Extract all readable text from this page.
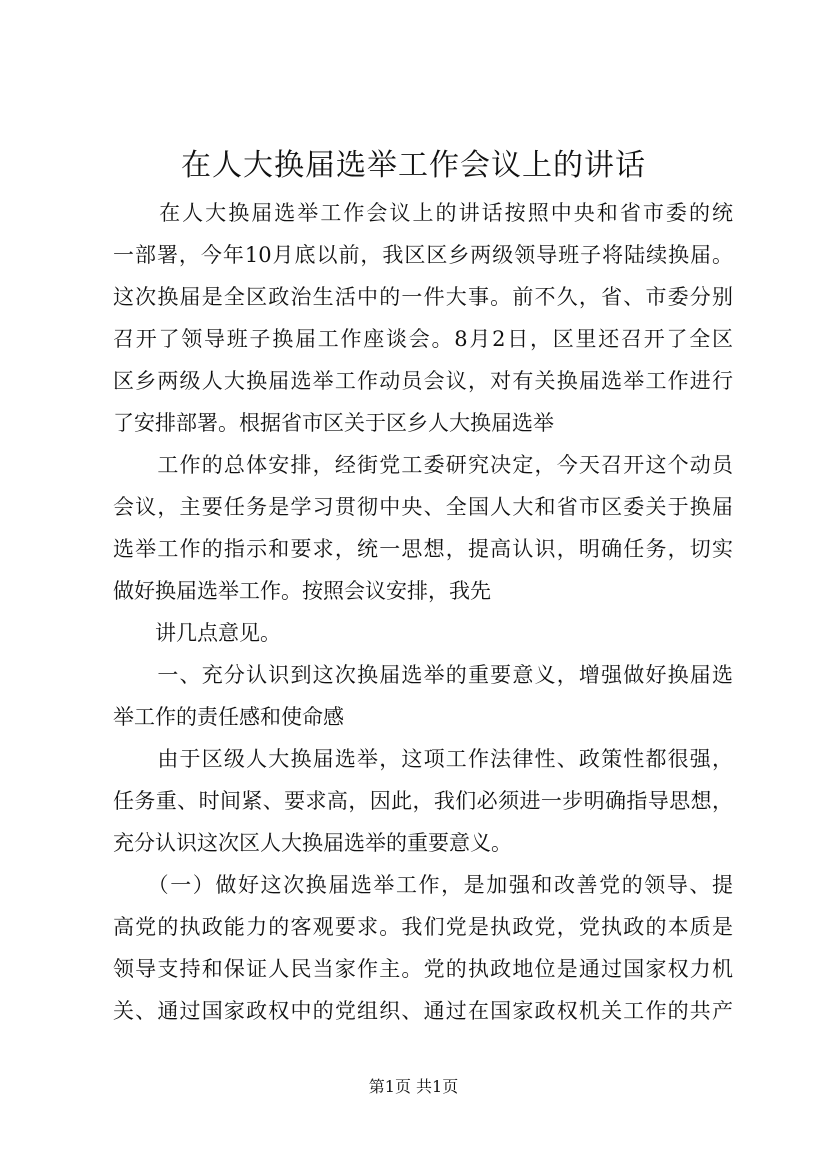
在人大换届选举工作会议上的讲话

　　在人大换届选举工作会议上的讲话按照中央和省市委的统

一部署，今年10月底以前，我区区乡两级领导班子将陆续换届。

这次换届是全区政治生活中的一件大事。前不久，省、市委分别

召开了领导班子换届工作座谈会。8月2日，区里还召开了全区

区乡两级人大换届选举工作动员会议，对有关换届选举工作进行

了安排部署。根据省市区关于区乡人大换届选举

　　工作的总体安排，经街党工委研究决定，今天召开这个动员

会议，主要任务是学习贯彻中央、全国人大和省市区委关于换届

选举工作的指示和要求，统一思想，提高认识，明确任务，切实

做好换届选举工作。按照会议安排，我先

　　讲几点意见。

　　一、充分认识到这次换届选举的重要意义，增强做好换届选

举工作的责任感和使命感

　　由于区级人大换届选举，这项工作法律性、政策性都很强，

任务重、时间紧、要求高，因此，我们必须进一步明确指导思想，

充分认识这次区人大换届选举的重要意义。

　　（一）做好这次换届选举工作，是加强和改善党的领导、提

高党的执政能力的客观要求。我们党是执政党，党执政的本质是

领导支持和保证人民当家作主。党的执政地位是通过国家权力机

关、通过国家政权中的党组织、通过在国家政权机关工作的共产

第1页 共1页
